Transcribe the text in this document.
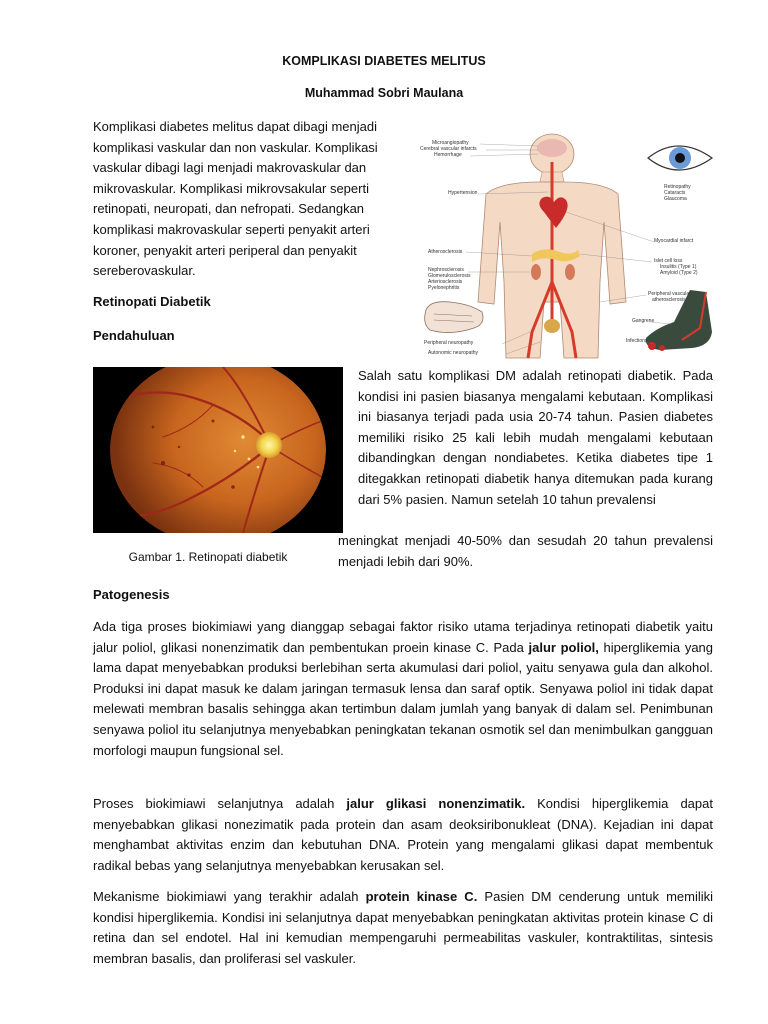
KOMPLIKASI DIABETES MELITUS
Muhammad Sobri Maulana

Komplikasi diabetes melitus dapat dibagi menjadi komplikasi vaskular dan non vaskular. Komplikasi vaskular dibagi lagi menjadi makrovaskular dan mikrovaskular. Komplikasi mikrovsakular seperti retinopati, neuropati, dan nefropati. Sedangkan komplikasi makrovaskular seperti penyakit arteri koroner, penyakit arteri periperal dan penyakit sereberovaskular.

Microangiopathy
Cerebral vascular infarcts
Hemorrhage
Hypertension
Atherosclerosis
Nephrosclerosis
Glomerulosclerosis
Arteriosclerosis
Pyelonephritis
Retinopathy
Cataracts
Glaucoma
Myocardial infarct
Islet cell loss
Insulitis (Type 1)
Amyloid (Type 2)
Peripheral vascular
atherosclerosis
Gangrene
Infections
Peripheral neuropathy
Autonomic neuropathy
Retinopati Diabetik
Pendahuluan

Salah satu komplikasi DM adalah retinopati diabetik. Pada kondisi ini pasien biasanya mengalami kebutaan. Komplikasi ini biasanya terjadi pada usia 20-74 tahun. Pasien diabetes memiliki risiko 25 kali lebih mudah mengalami kebutaan dibandingkan dengan nondiabetes. Ketika diabetes tipe 1 ditegakkan retinopati diabetik hanya ditemukan pada kurang dari 5% pasien. Namun setelah 10 tahun prevalensi

meningkat menjadi 40-50% dan sesudah 20 tahun prevalensi menjadi lebih dari 90%.

Gambar 1. Retinopati diabetik
Patogenesis

Ada tiga proses biokimiawi yang dianggap sebagai faktor risiko utama terjadinya retinopati diabetik yaitu jalur poliol, glikasi nonenzimatik dan pembentukan proein kinase C. Pada jalur poliol, hiperglikemia yang lama dapat menyebabkan produksi berlebihan serta akumulasi dari poliol, yaitu senyawa gula dan alkohol. Produksi ini dapat masuk ke dalam jaringan termasuk lensa dan saraf optik. Senyawa poliol ini tidak dapat melewati membran basalis sehingga akan tertimbun dalam jumlah yang banyak di dalam sel. Penimbunan senyawa poliol itu selanjutnya menyebabkan peningkatan tekanan osmotik sel dan menimbulkan gangguan morfologi maupun fungsional sel.

Proses biokimiawi selanjutnya adalah jalur glikasi nonenzimatik. Kondisi hiperglikemia dapat menyebabkan glikasi nonezimatik pada protein dan asam deoksiribonukleat (DNA). Kejadian ini dapat menghambat aktivitas enzim dan kebutuhan DNA. Protein yang mengalami glikasi dapat membentuk radikal bebas yang selanjutnya menyebabkan kerusakan sel.

Mekanisme biokimiawi yang terakhir adalah protein kinase C. Pasien DM cenderung untuk memiliki kondisi hiperglikemia. Kondisi ini selanjutnya dapat menyebabkan peningkatan aktivitas protein kinase C di retina dan sel endotel. Hal ini kemudian mempengaruhi permeabilitas vaskuler, kontraktilitas, sintesis membran basalis, dan proliferasi sel vaskuler.
